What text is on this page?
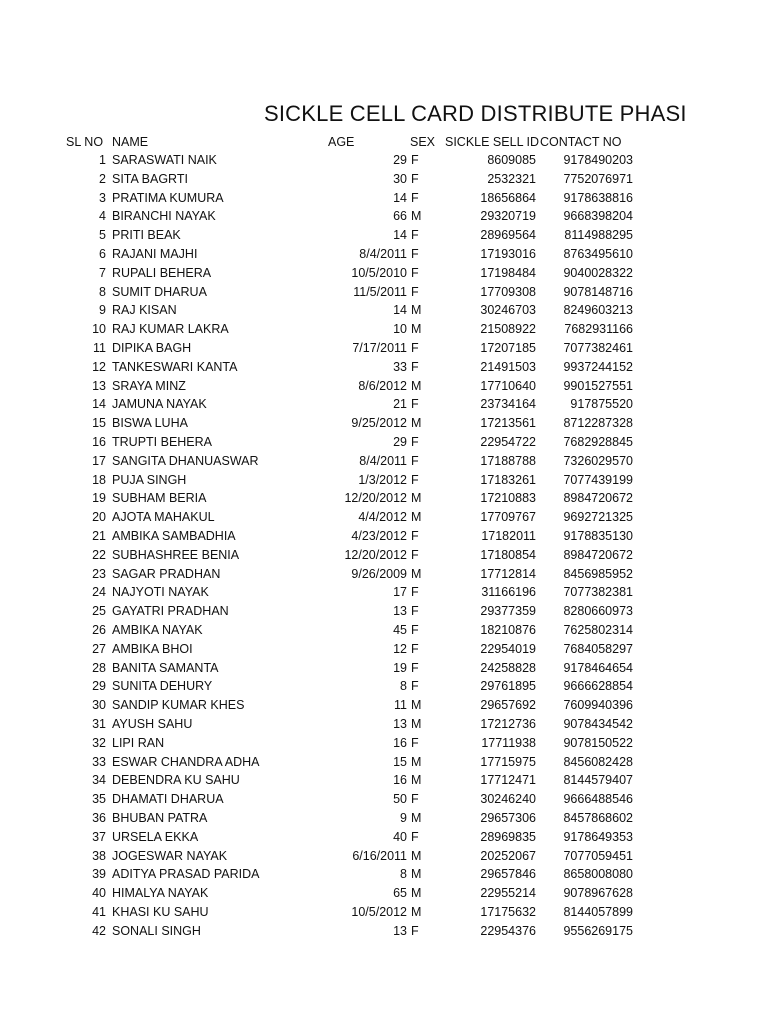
SICKLE CELL CARD DISTRIBUTE PHASI
SL NO NAME	AGE	SEX SICKLE SELL ID CONTACT NO
1 SARASWATI NAIK	29 F	8609085 9178490203
2 SITA BAGRTI	30 F	2532321 7752076971
3 PRATIMA KUMURA	14 F	18656864 9178638816
4 BIRANCHI NAYAK	66 M	29320719 9668398204
5 PRITI BEAK	14 F	28969564 8114988295
6 RAJANI MAJHI	8/4/2011 F	17193016 8763495610
7 RUPALI BEHERA	10/5/2010 F	17198484 9040028322
8 SUMIT DHARUA	11/5/2011 F	17709308 9078148716
9 RAJ KISAN	14 M	30246703 8249603213
10 RAJ KUMAR LAKRA	10 M	21508922 7682931166
11 DIPIKA BAGH	7/17/2011 F	17207185 7077382461
12 TANKESWARI KANTA	33 F	21491503 9937244152
13 SRAYA MINZ	8/6/2012 M	17710640 9901527551
14 JAMUNA NAYAK	21 F	23734164	917875520
15 BISWA LUHA	9/25/2012 M	17213561 8712287328
16 TRUPTI BEHERA	29 F	22954722 7682928845
17 SANGITA DHANUASWAR	8/4/2011 F	17188788 7326029570
18 PUJA SINGH	1/3/2012 F	17183261 7077439199
19 SUBHAM BERIA	12/20/2012 M	17210883 8984720672
20 AJOTA MAHAKUL	4/4/2012 M	17709767 9692721325
21 AMBIKA SAMBADHIA	4/23/2012 F	17182011 9178835130
22 SUBHASHREE BENIA	12/20/2012 F	17180854 8984720672
23 SAGAR PRADHAN	9/26/2009 M	17712814 8456985952
24 NAJYOTI NAYAK	17 F	31166196 7077382381
25 GAYATRI PRADHAN	13 F	29377359 8280660973
26 AMBIKA NAYAK	45 F	18210876 7625802314
27 AMBIKA BHOI	12 F	22954019 7684058297
28 BANITA SAMANTA	19 F	24258828 9178464654
29 SUNITA DEHURY	8 F	29761895 9666628854
30 SANDIP KUMAR KHES	11 M	29657692 7609940396
31 AYUSH SAHU	13 M	17212736 9078434542
32 LIPI RAN	16 F	17711938 9078150522
33 ESWAR CHANDRA ADHA	15 M	17715975 8456082428
34 DEBENDRA KU SAHU	16 M	17712471 8144579407
35 DHAMATI DHARUA	50 F	30246240 9666488546
36 BHUBAN PATRA	9 M	29657306 8457868602
37 URSELA EKKA	40 F	28969835 9178649353
38 JOGESWAR NAYAK	6/16/2011 M	20252067 7077059451
39 ADITYA PRASAD PARIDA	8 M	29657846 8658008080
40 HIMALYA NAYAK	65 M	22955214 9078967628
41 KHASI KU SAHU	10/5/2012 M	17175632 8144057899
42 SONALI SINGH	13 F	22954376 9556269175
